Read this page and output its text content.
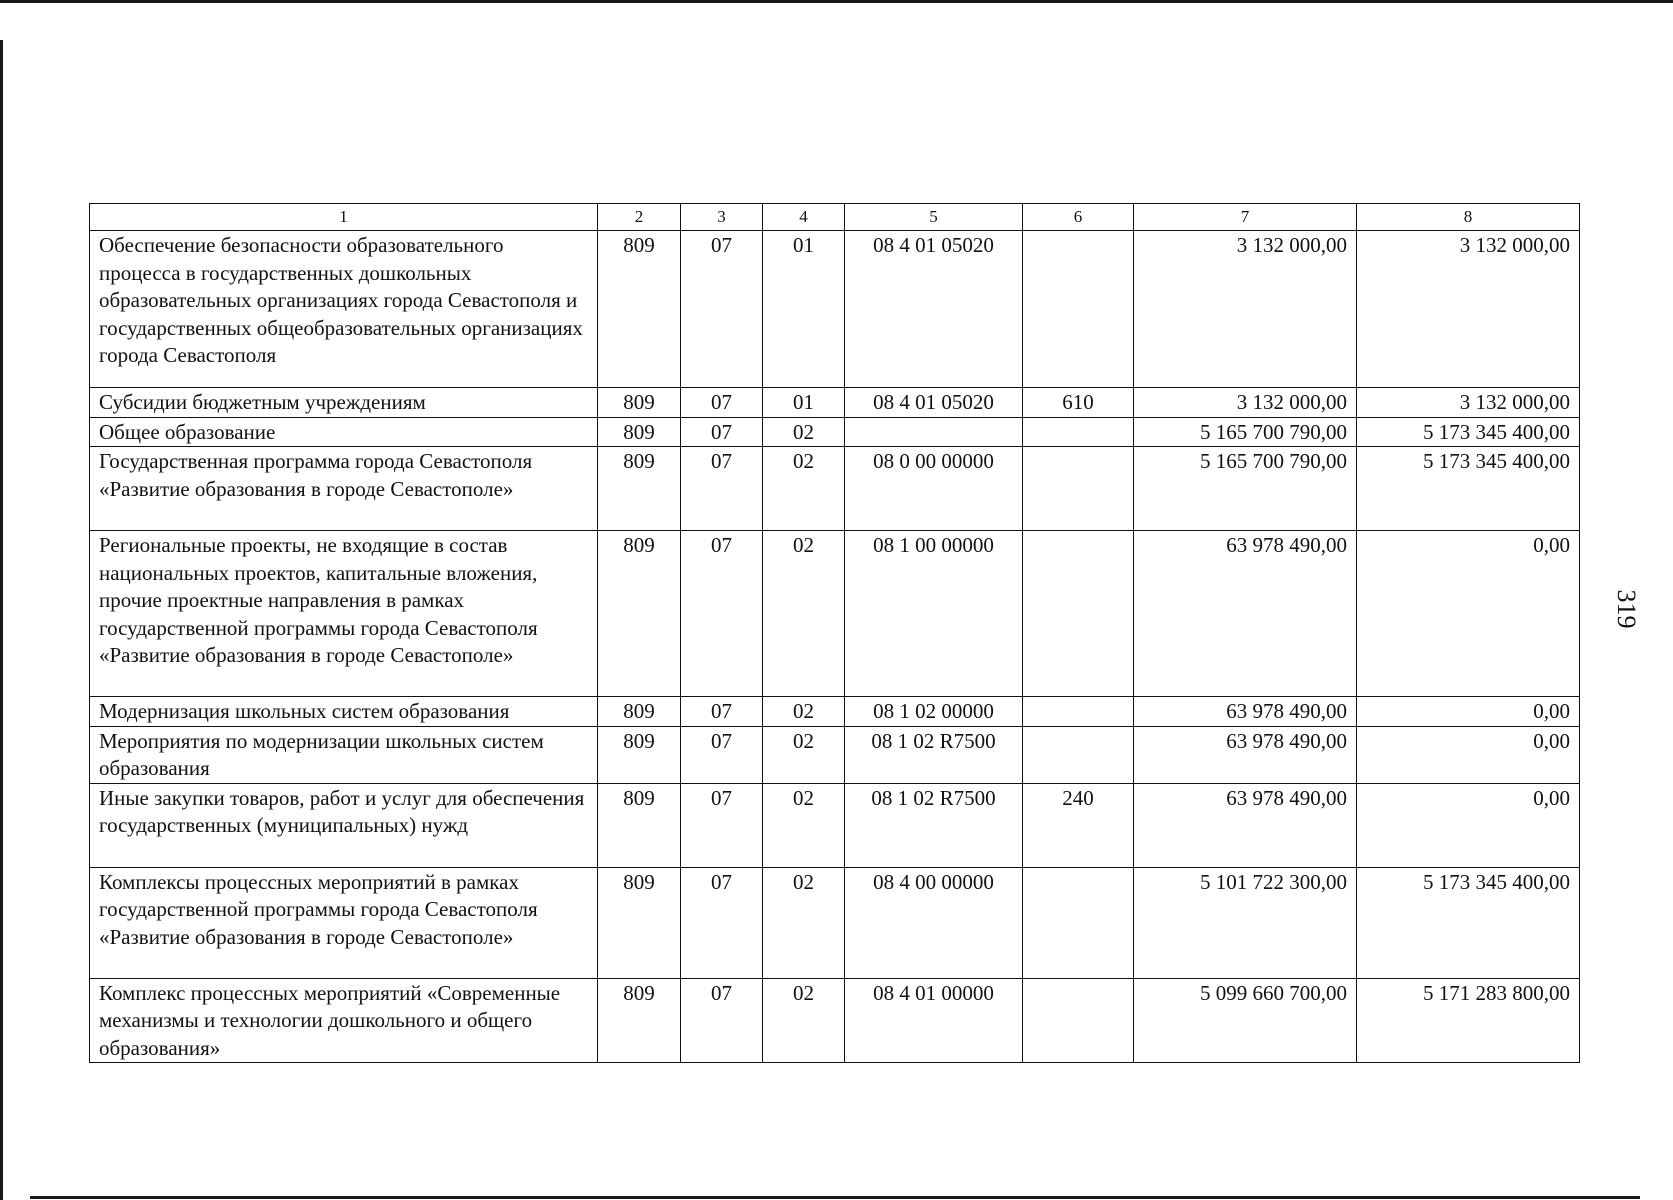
319
1	2	3	4	5	6	7	8
Обеспечение безопасности образовательного процесса в государственных дошкольных образовательных организациях города Севастополя и государственных общеобразовательных организациях города Севастополя	809	07	01	08 4 01 05020		3 132 000,00	3 132 000,00
Субсидии бюджетным учреждениям	809	07	01	08 4 01 05020	610	3 132 000,00	3 132 000,00
Общее образование	809	07	02			5 165 700 790,00	5 173 345 400,00
Государственная программа города Севастополя «Развитие образования в городе Севастополе»	809	07	02	08 0 00 00000		5 165 700 790,00	5 173 345 400,00
Региональные проекты, не входящие в состав национальных проектов, капитальные вложения, прочие проектные направления в рамках государственной программы города Севастополя «Развитие образования в городе Севастополе»	809	07	02	08 1 00 00000		63 978 490,00	0,00
Модернизация школьных систем образования	809	07	02	08 1 02 00000		63 978 490,00	0,00
Мероприятия по модернизации школьных систем образования	809	07	02	08 1 02 R7500		63 978 490,00	0,00
Иные закупки товаров, работ и услуг для обеспечения государственных (муниципальных) нужд	809	07	02	08 1 02 R7500	240	63 978 490,00	0,00
Комплексы процессных мероприятий в рамках государственной программы города Севастополя «Развитие образования в городе Севастополе»	809	07	02	08 4 00 00000		5 101 722 300,00	5 173 345 400,00
Комплекс процессных мероприятий «Современные механизмы и технологии дошкольного и общего образования»	809	07	02	08 4 01 00000		5 099 660 700,00	5 171 283 800,00
